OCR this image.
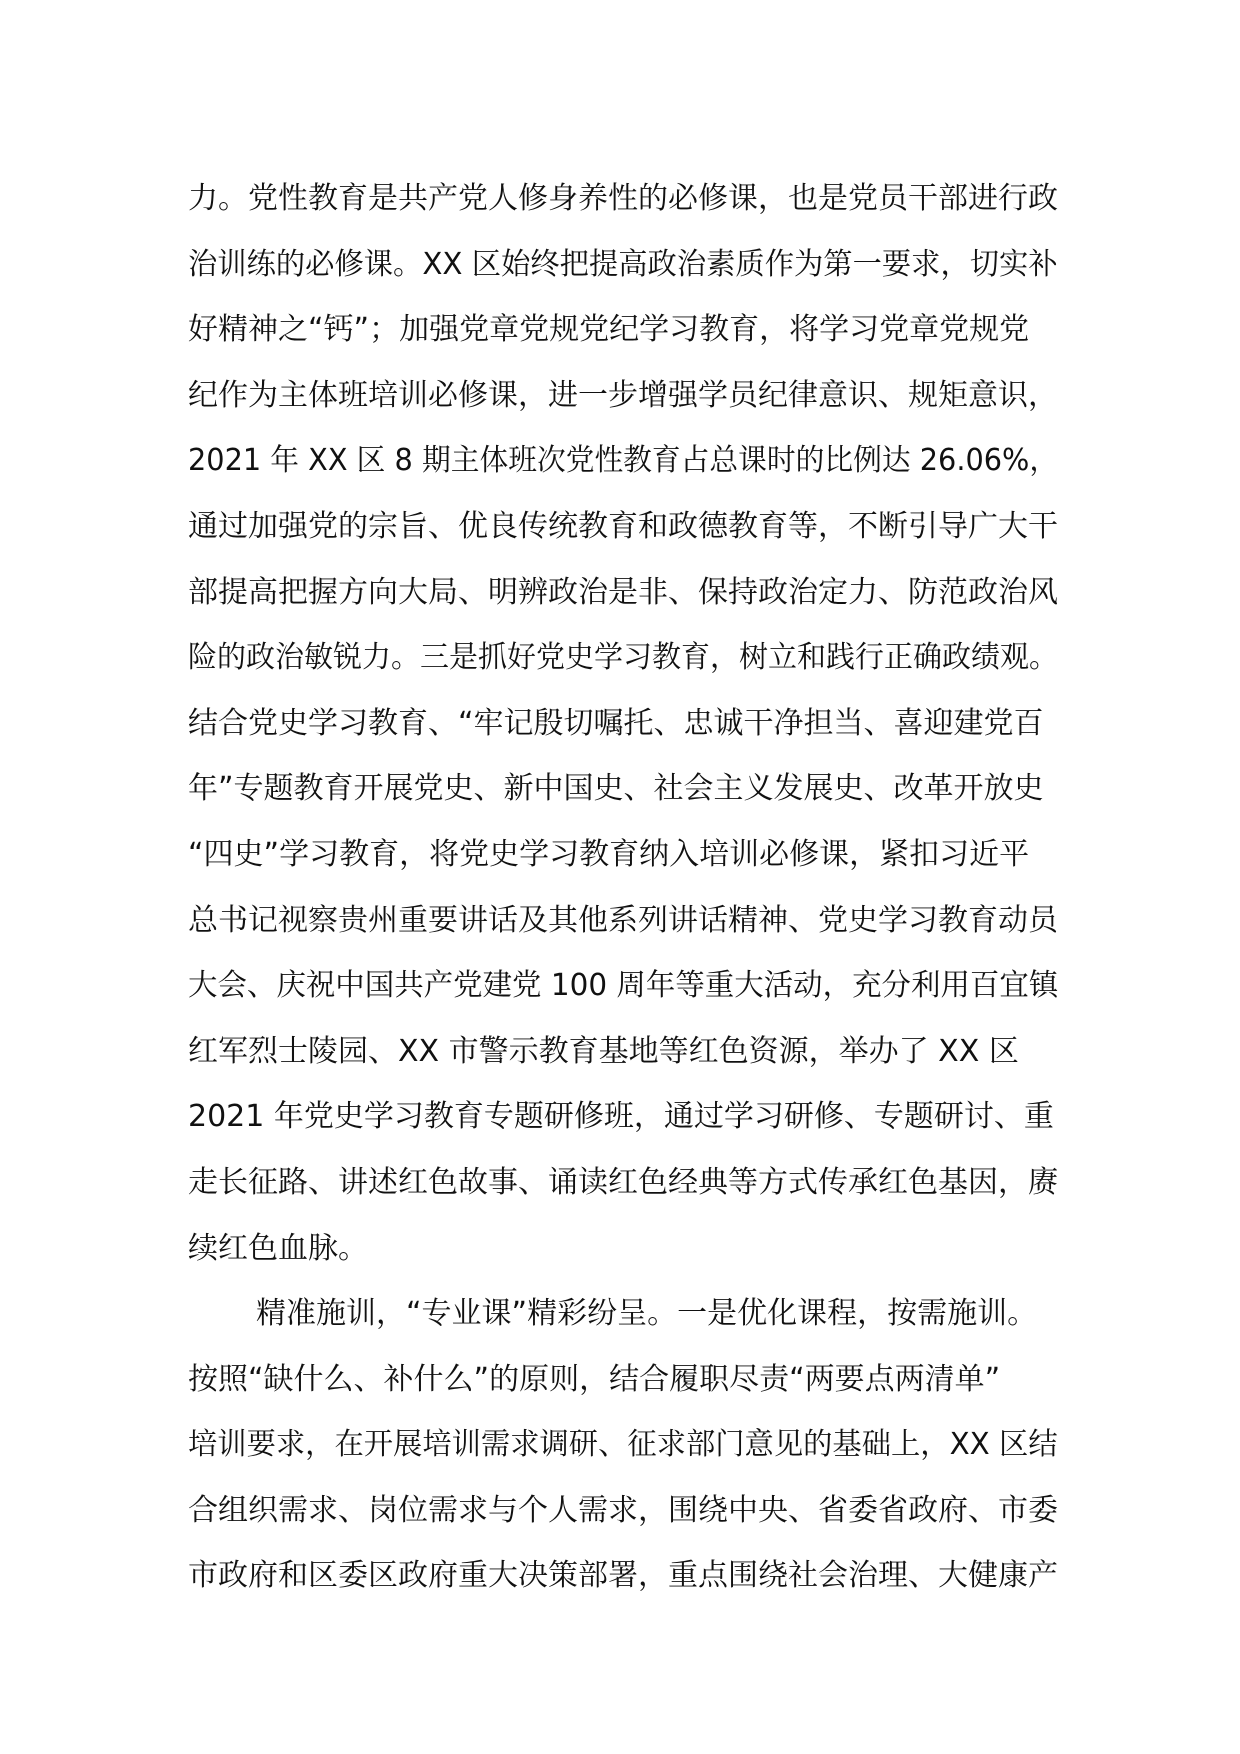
力。党性教育是共产党人修身养性的必修课，也是党员干部进行政
治训练的必修课。XX 区始终把提高政治素质作为第一要求，切实补
好精神之“钙”；加强党章党规党纪学习教育，将学习党章党规党
纪作为主体班培训必修课，进一步增强学员纪律意识、规矩意识，
2021 年 XX 区 8 期主体班次党性教育占总课时的比例达 26.06%，
通过加强党的宗旨、优良传统教育和政德教育等，不断引导广大干
部提高把握方向大局、明辨政治是非、保持政治定力、防范政治风
险的政治敏锐力。三是抓好党史学习教育，树立和践行正确政绩观。
结合党史学习教育、“牢记殷切嘱托、忠诚干净担当、喜迎建党百
年”专题教育开展党史、新中国史、社会主义发展史、改革开放史
“四史”学习教育，将党史学习教育纳入培训必修课，紧扣习近平
总书记视察贵州重要讲话及其他系列讲话精神、党史学习教育动员
大会、庆祝中国共产党建党 100 周年等重大活动，充分利用百宜镇
红军烈士陵园、XX 市警示教育基地等红色资源，举办了 XX 区
2021 年党史学习教育专题研修班，通过学习研修、专题研讨、重
走长征路、讲述红色故事、诵读红色经典等方式传承红色基因，赓
续红色血脉。
精准施训，“专业课”精彩纷呈。一是优化课程，按需施训。
按照“缺什么、补什么”的原则，结合履职尽责“两要点两清单”
培训要求，在开展培训需求调研、征求部门意见的基础上，XX 区结
合组织需求、岗位需求与个人需求，围绕中央、省委省政府、市委
市政府和区委区政府重大决策部署，重点围绕社会治理、大健康产
